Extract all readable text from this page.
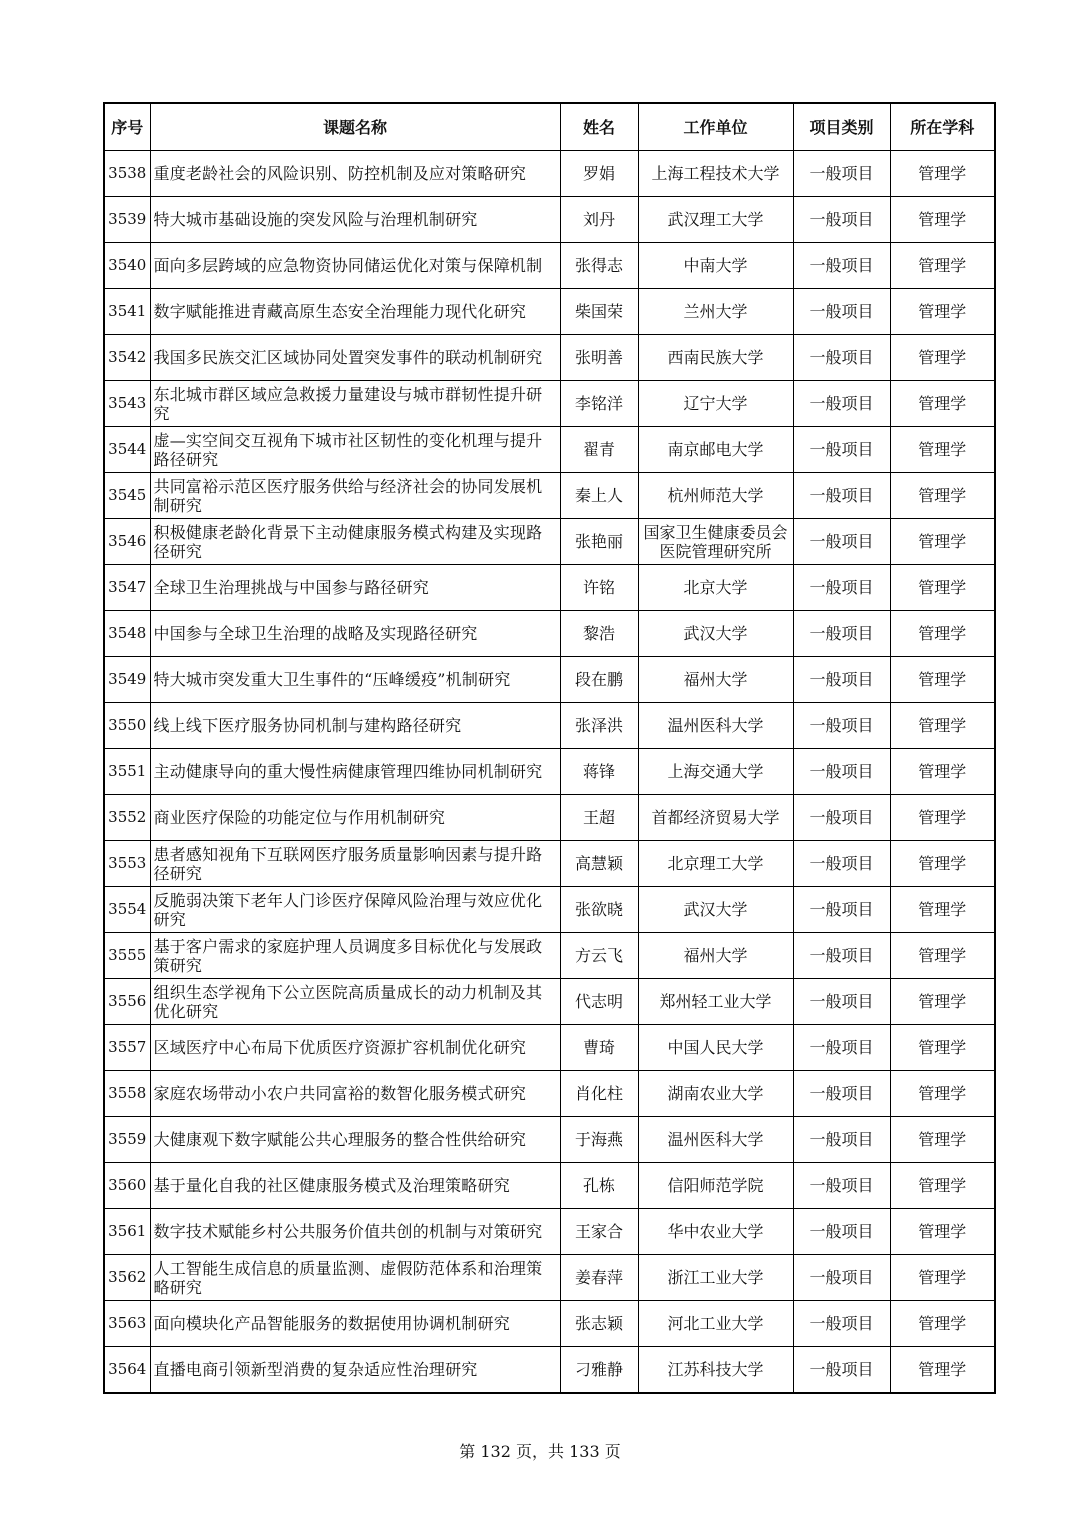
序号	课题名称	姓名	工作单位	项目类别	所在学科
3538	重度老龄社会的风险识别、防控机制及应对策略研究	罗娟	上海工程技术大学	一般项目	管理学
3539	特大城市基础设施的突发风险与治理机制研究	刘丹	武汉理工大学	一般项目	管理学
3540	面向多层跨域的应急物资协同储运优化对策与保障机制	张得志	中南大学	一般项目	管理学
3541	数字赋能推进青藏高原生态安全治理能力现代化研究	柴国荣	兰州大学	一般项目	管理学
3542	我国多民族交汇区域协同处置突发事件的联动机制研究	张明善	西南民族大学	一般项目	管理学
3543	东北城市群区域应急救援力量建设与城市群韧性提升研究	李铭洋	辽宁大学	一般项目	管理学
3544	虚—实空间交互视角下城市社区韧性的变化机理与提升路径研究	翟青	南京邮电大学	一般项目	管理学
3545	共同富裕示范区医疗服务供给与经济社会的协同发展机制研究	秦上人	杭州师范大学	一般项目	管理学
3546	积极健康老龄化背景下主动健康服务模式构建及实现路径研究	张艳丽	国家卫生健康委员会医院管理研究所	一般项目	管理学
3547	全球卫生治理挑战与中国参与路径研究	许铭	北京大学	一般项目	管理学
3548	中国参与全球卫生治理的战略及实现路径研究	黎浩	武汉大学	一般项目	管理学
3549	特大城市突发重大卫生事件的“压峰缓疫”机制研究	段在鹏	福州大学	一般项目	管理学
3550	线上线下医疗服务协同机制与建构路径研究	张泽洪	温州医科大学	一般项目	管理学
3551	主动健康导向的重大慢性病健康管理四维协同机制研究	蒋锋	上海交通大学	一般项目	管理学
3552	商业医疗保险的功能定位与作用机制研究	王超	首都经济贸易大学	一般项目	管理学
3553	患者感知视角下互联网医疗服务质量影响因素与提升路径研究	高慧颖	北京理工大学	一般项目	管理学
3554	反脆弱决策下老年人门诊医疗保障风险治理与效应优化研究	张欲晓	武汉大学	一般项目	管理学
3555	基于客户需求的家庭护理人员调度多目标优化与发展政策研究	方云飞	福州大学	一般项目	管理学
3556	组织生态学视角下公立医院高质量成长的动力机制及其优化研究	代志明	郑州轻工业大学	一般项目	管理学
3557	区域医疗中心布局下优质医疗资源扩容机制优化研究	曹琦	中国人民大学	一般项目	管理学
3558	家庭农场带动小农户共同富裕的数智化服务模式研究	肖化柱	湖南农业大学	一般项目	管理学
3559	大健康观下数字赋能公共心理服务的整合性供给研究	于海燕	温州医科大学	一般项目	管理学
3560	基于量化自我的社区健康服务模式及治理策略研究	孔栋	信阳师范学院	一般项目	管理学
3561	数字技术赋能乡村公共服务价值共创的机制与对策研究	王家合	华中农业大学	一般项目	管理学
3562	人工智能生成信息的质量监测、虚假防范体系和治理策略研究	姜春萍	浙江工业大学	一般项目	管理学
3563	面向模块化产品智能服务的数据使用协调机制研究	张志颖	河北工业大学	一般项目	管理学
3564	直播电商引领新型消费的复杂适应性治理研究	刁雅静	江苏科技大学	一般项目	管理学
第 132 页，共 133 页
